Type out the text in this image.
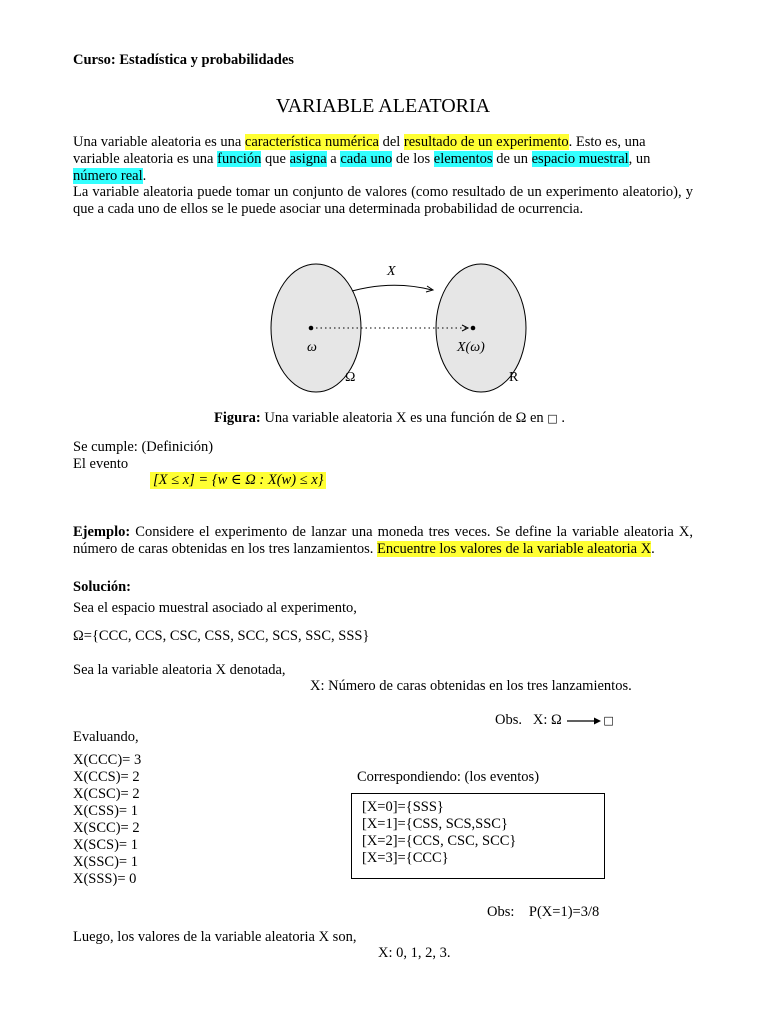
Curso: Estadística y probabilidades
VARIABLE ALEATORIA
Una variable aleatoria es una característica numérica del resultado de un experimento. Esto es, una
variable aleatoria es una función que asigna a cada uno de los elementos de un espacio muestral, un
número real.
La variable aleatoria puede tomar un conjunto de valores (como resultado de un experimento aleatorio), y que a cada uno de ellos se le puede asociar una determinada probabilidad de ocurrencia.
X
ω	X(ω)
Ω	R
Figura: Una variable aleatoria X es una función de Ω en □ .
Se cumple: (Definición)
El evento
[X ≤ x] = {w ∈ Ω : X(w) ≤ x}
Ejemplo: Considere el experimento de lanzar una moneda tres veces. Se define la variable aleatoria X, número de caras obtenidas en los tres lanzamientos. Encuentre los valores de la variable aleatoria X.
Solución:
Sea el espacio muestral asociado al experimento,
Ω={CCC, CCS, CSC, CSS, SCC, SCS, SSC, SSS}
Sea la variable aleatoria X denotada,
X: Número de caras obtenidas en los tres lanzamientos.
Obs. X: Ω	□
Evaluando,
X(CCC)= 3
X(CCS)= 2
X(CSC)= 2
X(CSS)= 1
X(SCC)= 2
X(SCS)= 1
X(SSC)= 1
X(SSS)= 0
Correspondiendo: (los eventos)
[X=0]={SSS}
[X=1]={CSS, SCS,SSC}
[X=2]={CCS, CSC, SCC}
[X=3]={CCC}
Obs: P(X=1)=3/8
Luego, los valores de la variable aleatoria X son,
X: 0, 1, 2, 3.
